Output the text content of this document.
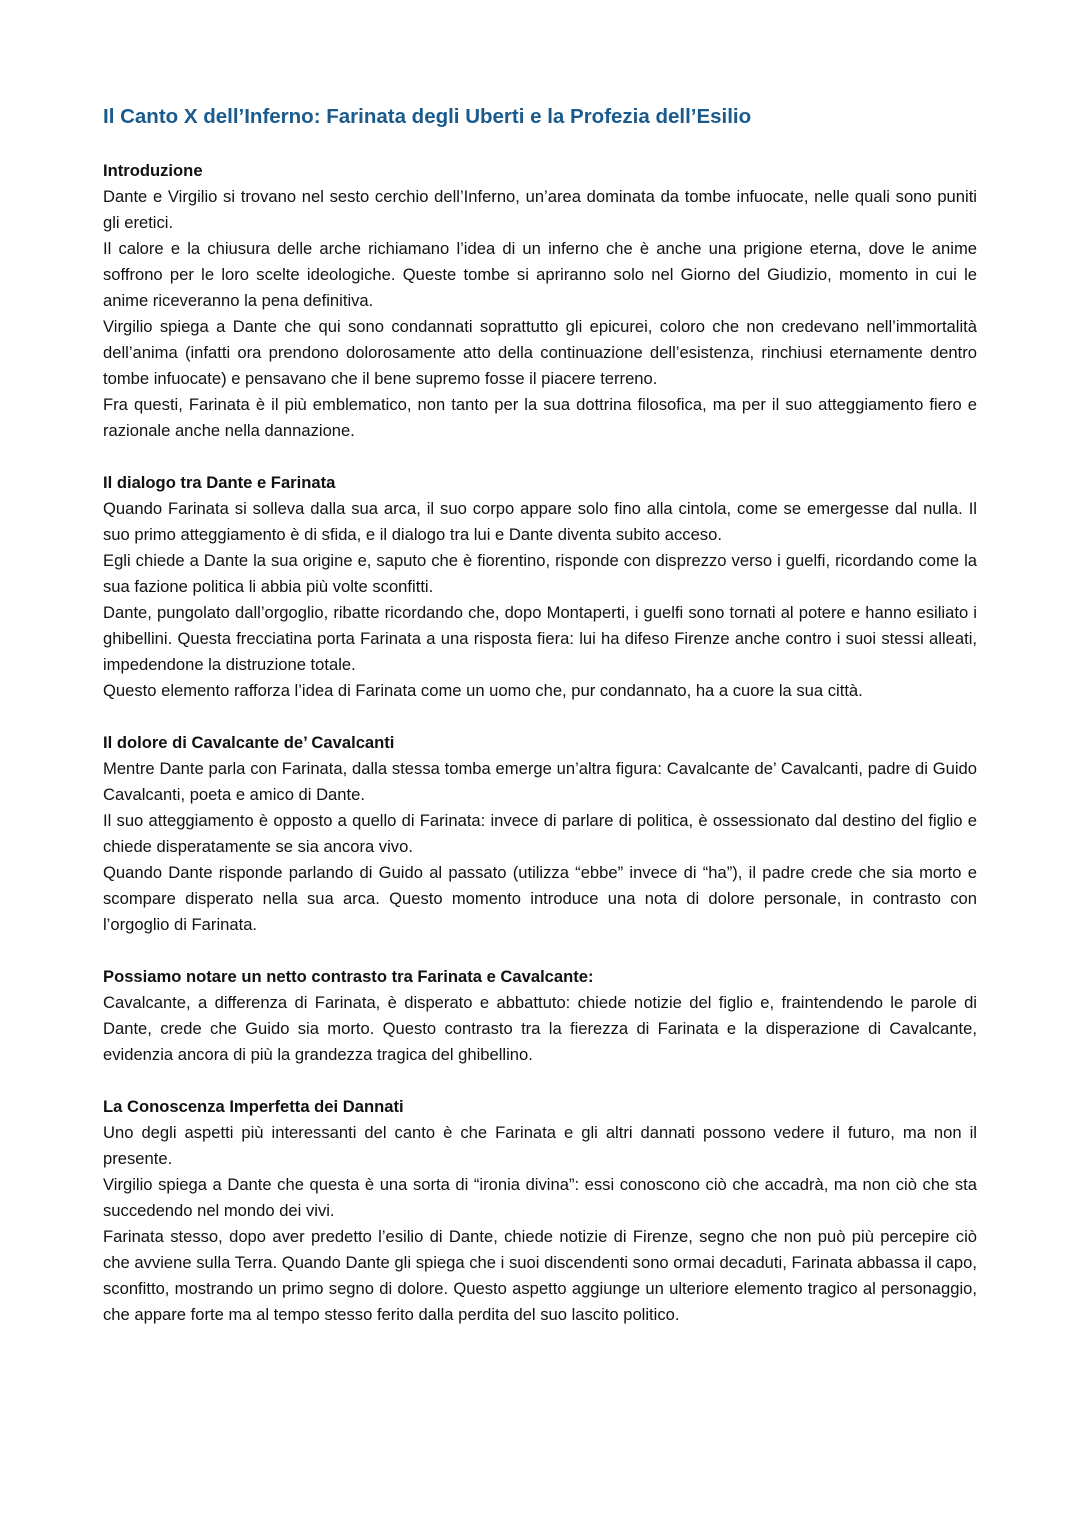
Il Canto X dell’Inferno: Farinata degli Uberti e la Profezia dell’Esilio
Introduzione

Dante e Virgilio si trovano nel sesto cerchio dell’Inferno, un’area dominata da tombe infuocate, nelle quali sono puniti gli eretici.

Il calore e la chiusura delle arche richiamano l’idea di un inferno che è anche una prigione eterna, dove le anime soffrono per le loro scelte ideologiche. Queste tombe si apriranno solo nel Giorno del Giudizio, momento in cui le anime riceveranno la pena definitiva.

Virgilio spiega a Dante che qui sono condannati soprattutto gli epicurei, coloro che non credevano nell’immortalità dell’anima (infatti ora prendono dolorosamente atto della continuazione dell’esistenza, rinchiusi eternamente dentro tombe infuocate) e pensavano che il bene supremo fosse il piacere terreno.

Fra questi, Farinata è il più emblematico, non tanto per la sua dottrina filosofica, ma per il suo atteggiamento fiero e razionale anche nella dannazione.

Il dialogo tra Dante e Farinata

Quando Farinata si solleva dalla sua arca, il suo corpo appare solo fino alla cintola, come se emergesse dal nulla. Il suo primo atteggiamento è di sfida, e il dialogo tra lui e Dante diventa subito acceso.

Egli chiede a Dante la sua origine e, saputo che è fiorentino, risponde con disprezzo verso i guelfi, ricordando come la sua fazione politica li abbia più volte sconfitti.

Dante, pungolato dall’orgoglio, ribatte ricordando che, dopo Montaperti, i guelfi sono tornati al potere e hanno esiliato i ghibellini. Questa frecciatina porta Farinata a una risposta fiera: lui ha difeso Firenze anche contro i suoi stessi alleati, impedendone la distruzione totale.

Questo elemento rafforza l’idea di Farinata come un uomo che, pur condannato, ha a cuore la sua città.

Il dolore di Cavalcante de’ Cavalcanti

Mentre Dante parla con Farinata, dalla stessa tomba emerge un’altra figura: Cavalcante de’ Cavalcanti, padre di Guido Cavalcanti, poeta e amico di Dante.

Il suo atteggiamento è opposto a quello di Farinata: invece di parlare di politica, è ossessionato dal destino del figlio e chiede disperatamente se sia ancora vivo.

Quando Dante risponde parlando di Guido al passato (utilizza “ebbe” invece di “ha”), il padre crede che sia morto e scompare disperato nella sua arca. Questo momento introduce una nota di dolore personale, in contrasto con l’orgoglio di Farinata.

Possiamo notare un netto contrasto tra Farinata e Cavalcante:

Cavalcante, a differenza di Farinata, è disperato e abbattuto: chiede notizie del figlio e, fraintendendo le parole di Dante, crede che Guido sia morto. Questo contrasto tra la fierezza di Farinata e la disperazione di Cavalcante, evidenzia ancora di più la grandezza tragica del ghibellino.

La Conoscenza Imperfetta dei Dannati

Uno degli aspetti più interessanti del canto è che Farinata e gli altri dannati possono vedere il futuro, ma non il presente.

Virgilio spiega a Dante che questa è una sorta di “ironia divina”: essi conoscono ciò che accadrà, ma non ciò che sta succedendo nel mondo dei vivi.

Farinata stesso, dopo aver predetto l’esilio di Dante, chiede notizie di Firenze, segno che non può più percepire ciò che avviene sulla Terra. Quando Dante gli spiega che i suoi discendenti sono ormai decaduti, Farinata abbassa il capo, sconfitto, mostrando un primo segno di dolore. Questo aspetto aggiunge un ulteriore elemento tragico al personaggio, che appare forte ma al tempo stesso ferito dalla perdita del suo lascito politico.
